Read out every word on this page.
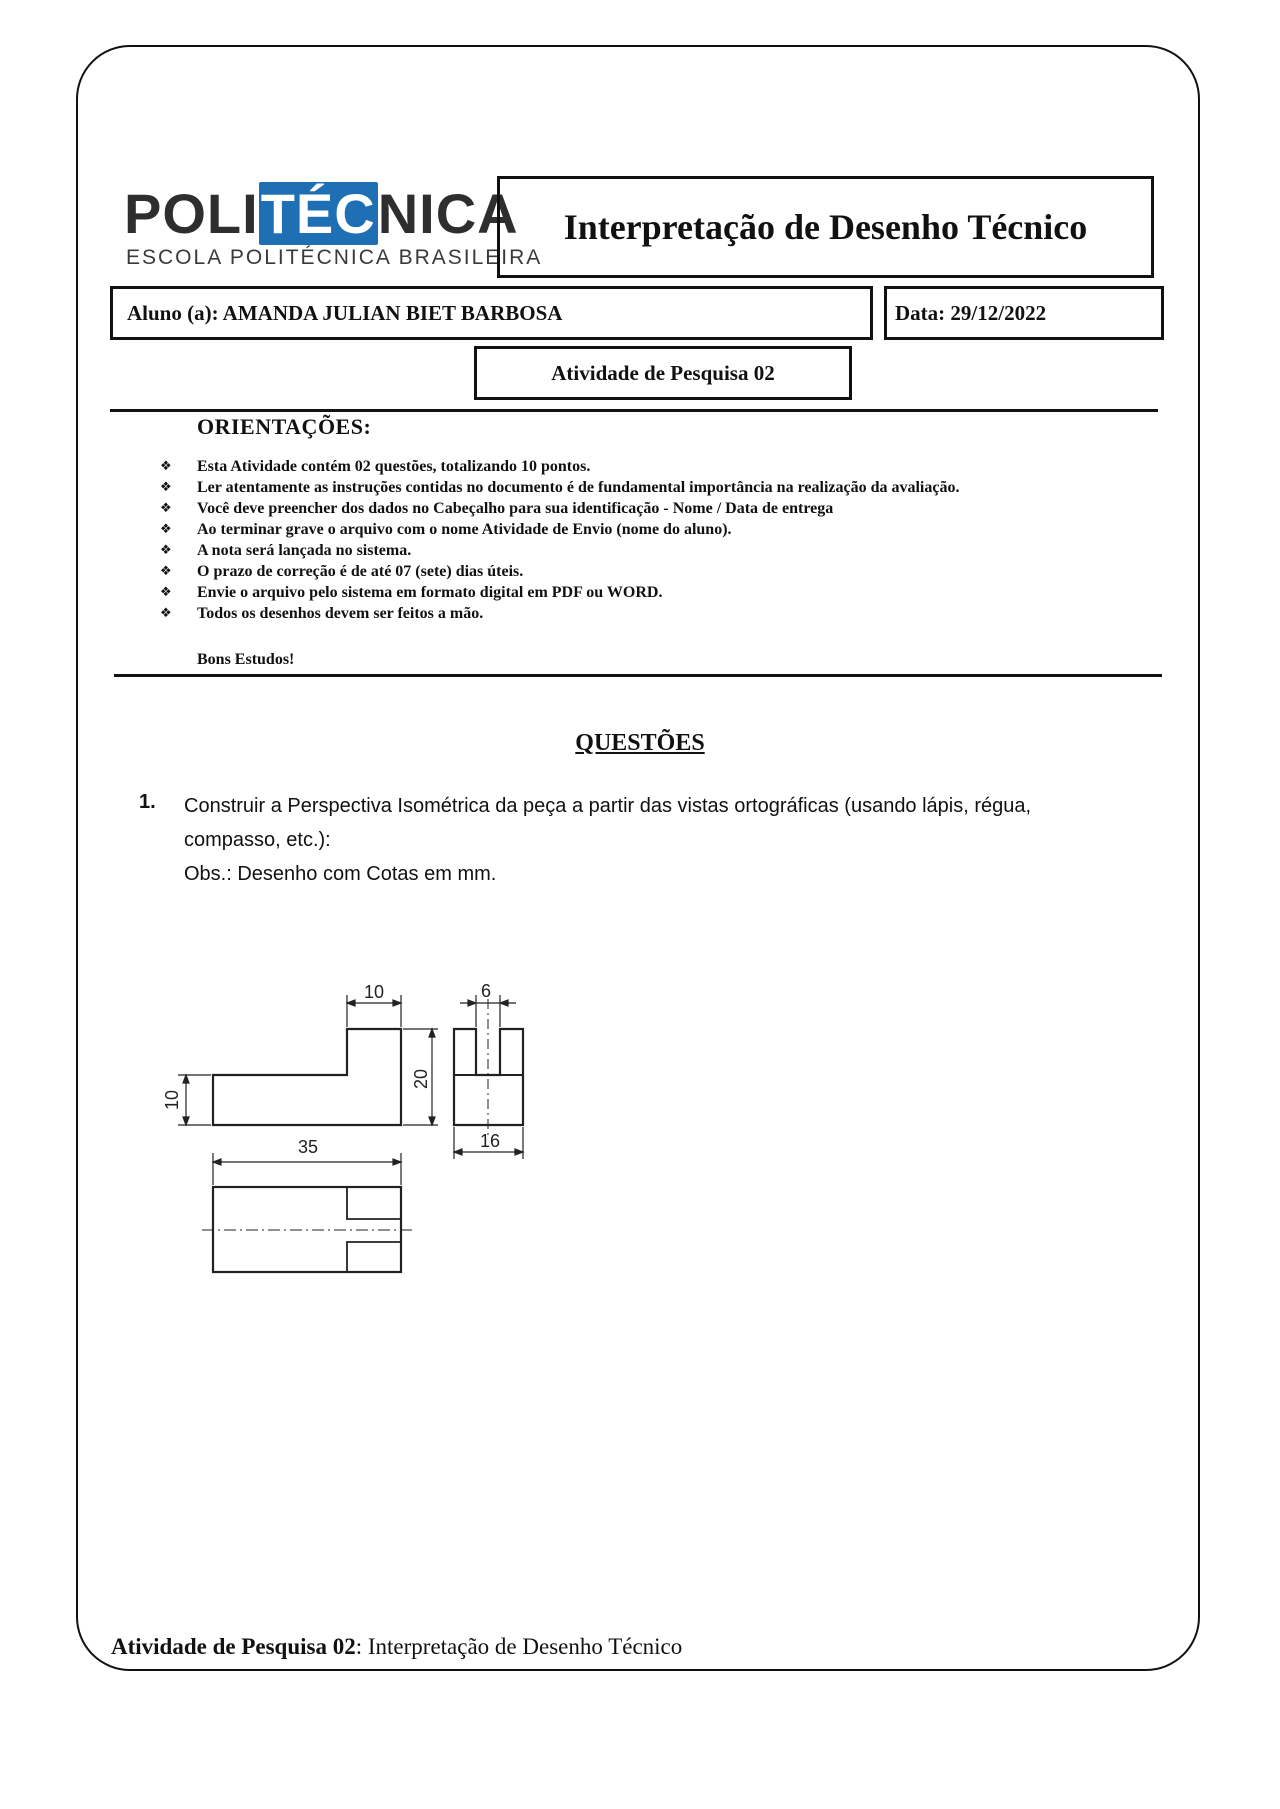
POLITÉCNICA
ESCOLA POLITÉCNICA BRASILEIRA
Interpretação de Desenho Técnico
Aluno (a): AMANDA JULIAN BIET BARBOSA	Data: 29/12/2022
Atividade de Pesquisa 02
ORIENTAÇÕES:
❖ Esta Atividade contém 02 questões, totalizando 10 pontos.
❖ Ler atentamente as instruções contidas no documento é de fundamental importância na realização da avaliação.
❖ Você deve preencher dos dados no Cabeçalho para sua identificação - Nome / Data de entrega
❖ Ao terminar grave o arquivo com o nome Atividade de Envio (nome do aluno).
❖ A nota será lançada no sistema.
❖ O prazo de correção é de até 07 (sete) dias úteis.
❖ Envie o arquivo pelo sistema em formato digital em PDF ou WORD.
❖ Todos os desenhos devem ser feitos a mão.
Bons Estudos!
QUESTÕES
1. Construir a Perspectiva Isométrica da peça a partir das vistas ortográficas (usando lápis, régua, compasso, etc.):
Obs.: Desenho com Cotas em mm.
10
20
10
6
16
35
Atividade de Pesquisa 02: Interpretação de Desenho Técnico
